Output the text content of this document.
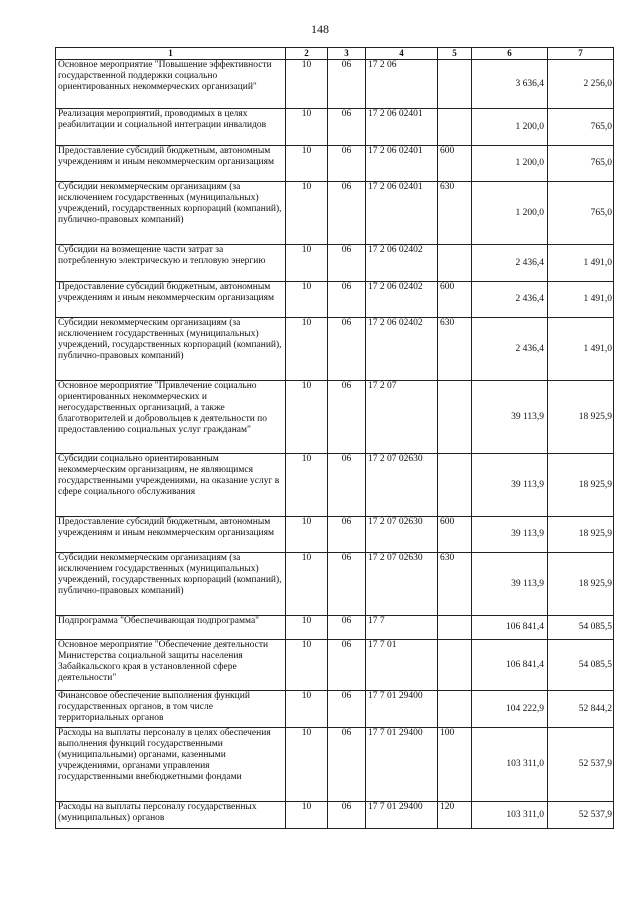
148
1	2	3	4	5	6	7
Основное мероприятие "Повышение эффективности государственной поддержки социально ориентированных некоммерческих организаций"	10	06	17 2 06		3 636,4	2 256,0
Реализация мероприятий, проводимых в целях реабилитации и социальной интеграции инвалидов	10	06	17 2 06 02401		1 200,0	765,0
Предоставление субсидий бюджетным, автономным учреждениям и иным некоммерческим организациям	10	06	17 2 06 02401	600	1 200,0	765,0
Субсидии некоммерческим организациям (за исключением государственных (муниципальных) учреждений, государственных корпораций (компаний), публично-правовых компаний)	10	06	17 2 06 02401	630	1 200,0	765,0
Субсидии на возмещение части затрат за потребленную электрическую и тепловую энергию	10	06	17 2 06 02402		2 436,4	1 491,0
Предоставление субсидий бюджетным, автономным учреждениям и иным некоммерческим организациям	10	06	17 2 06 02402	600	2 436,4	1 491,0
Субсидии некоммерческим организациям (за исключением государственных (муниципальных) учреждений, государственных корпораций (компаний), публично-правовых компаний)	10	06	17 2 06 02402	630	2 436,4	1 491,0
Основное мероприятие "Привлечение социально ориентированных некоммерческих и негосударственных организаций, а также благотворителей и добровольцев к деятельности по предоставлению социальных услуг гражданам"	10	06	17 2 07		39 113,9	18 925,9
Субсидии социально ориентированным некоммерческим организациям, не являющимся государственными учреждениями, на оказание услуг в сфере социального обслуживания	10	06	17 2 07 02630		39 113,9	18 925,9
Предоставление субсидий бюджетным, автономным учреждениям и иным некоммерческим организациям	10	06	17 2 07 02630	600	39 113,9	18 925,9
Субсидии некоммерческим организациям (за исключением государственных (муниципальных) учреждений, государственных корпораций (компаний), публично-правовых компаний)	10	06	17 2 07 02630	630	39 113,9	18 925,9
Подпрограмма "Обеспечивающая подпрограмма"	10	06	17 7		106 841,4	54 085,5
Основное мероприятие "Обеспечение деятельности Министерства социальной защиты населения Забайкальского края в установленной сфере деятельности"	10	06	17 7 01		106 841,4	54 085,5
Финансовое обеспечение выполнения функций государственных органов, в том числе территориальных органов	10	06	17 7 01 29400		104 222,9	52 844,2
Расходы на выплаты персоналу в целях обеспечения выполнения функций государственными (муниципальными) органами, казенными учреждениями, органами управления государственными внебюджетными фондами	10	06	17 7 01 29400	100	103 311,0	52 537,9
Расходы на выплаты персоналу государственных (муниципальных) органов	10	06	17 7 01 29400	120	103 311,0	52 537,9
